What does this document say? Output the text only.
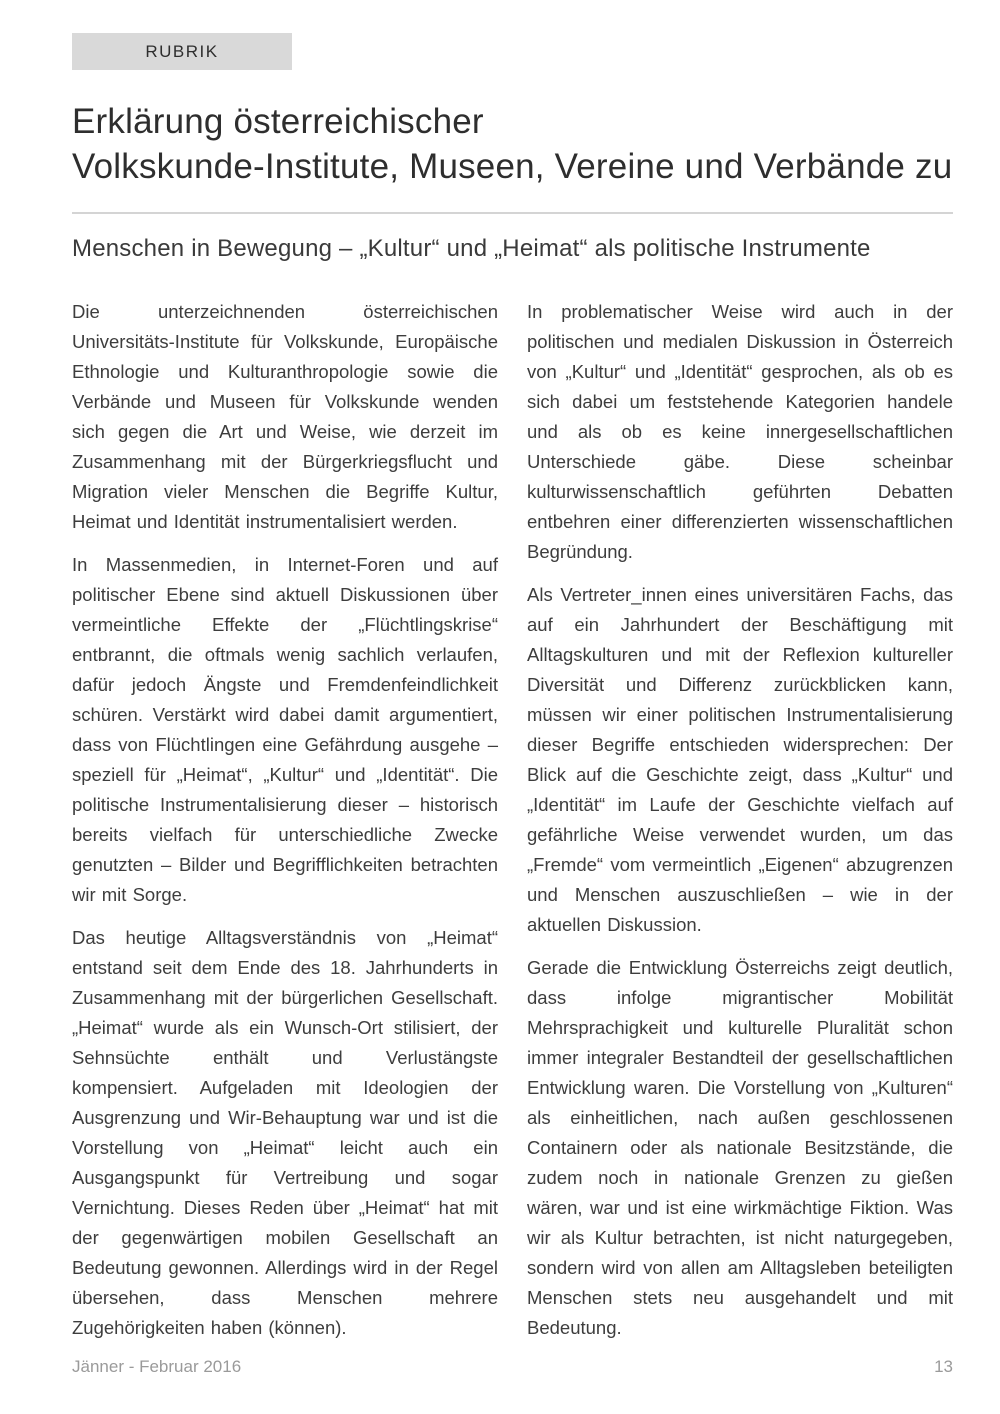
RUBRIK
Erklärung österreichischer
Volkskunde-Institute, Museen, Vereine und Verbände zu
Menschen in Bewegung – „Kultur“ und „Heimat“ als politische Instrumente

Die unterzeichnenden österreichischen Universitäts-Institute für Volkskunde, Europäische Ethnologie und Kulturanthropologie sowie die Verbände und Museen für Volkskunde wenden sich gegen die Art und Weise, wie derzeit im Zusammenhang mit der Bürgerkriegsflucht und Migration vieler Menschen die Begriffe Kultur, Heimat und Identität instrumentalisiert werden.

In Massenmedien, in Internet-Foren und auf politischer Ebene sind aktuell Diskussionen über vermeintliche Effekte der „Flüchtlingskrise“ entbrannt, die oftmals wenig sachlich verlaufen, dafür jedoch Ängste und Fremdenfeindlichkeit schüren. Verstärkt wird dabei damit argumentiert, dass von Flüchtlingen eine Gefährdung ausgehe – speziell für „Heimat“, „Kultur“ und „Identität“. Die politische Instrumentalisierung dieser – historisch bereits vielfach für unterschiedliche Zwecke genutzten – Bilder und Begrifflichkeiten betrachten wir mit Sorge.

Das heutige Alltagsverständnis von „Heimat“ entstand seit dem Ende des 18. Jahrhunderts in Zusammenhang mit der bürgerlichen Gesellschaft. „Heimat“ wurde als ein Wunsch-Ort stilisiert, der Sehnsüchte enthält und Verlustängste kompensiert. Aufgeladen mit Ideologien der Ausgrenzung und Wir-Behauptung war und ist die Vorstellung von „Heimat“ leicht auch ein Ausgangspunkt für Vertreibung und sogar Vernichtung. Dieses Reden über „Heimat“ hat mit der gegenwärtigen mobilen Gesellschaft an Bedeutung gewonnen. Allerdings wird in der Regel übersehen, dass Menschen mehrere Zugehörigkeiten haben (können).

In problematischer Weise wird auch in der politischen und medialen Diskussion in Österreich von „Kultur“ und „Identität“ gesprochen, als ob es sich dabei um feststehende Kategorien handele und als ob es keine innergesellschaftlichen Unterschiede gäbe. Diese scheinbar kulturwissenschaftlich geführten Debatten entbehren einer differenzierten wissenschaftlichen Begründung.

Als Vertreter_innen eines universitären Fachs, das auf ein Jahrhundert der Beschäftigung mit Alltagskulturen und mit der Reflexion kultureller Diversität und Differenz zurückblicken kann, müssen wir einer politischen Instrumentalisierung dieser Begriffe entschieden widersprechen: Der Blick auf die Geschichte zeigt, dass „Kultur“ und „Identität“ im Laufe der Geschichte vielfach auf gefährliche Weise verwendet wurden, um das „Fremde“ vom vermeintlich „Eigenen“ abzugrenzen und Menschen auszuschließen – wie in der aktuellen Diskussion.

Gerade die Entwicklung Österreichs zeigt deutlich, dass infolge migrantischer Mobilität Mehrsprachigkeit und kulturelle Pluralität schon immer integraler Bestandteil der gesellschaftlichen Entwicklung waren. Die Vorstellung von „Kulturen“ als einheitlichen, nach außen geschlossenen Containern oder als nationale Besitzstände, die zudem noch in nationale Grenzen zu gießen wären, war und ist eine wirkmächtige Fiktion. Was wir als Kultur betrachten, ist nicht naturgegeben, sondern wird von allen am Alltagsleben beteiligten Menschen stets neu ausgehandelt und mit Bedeutung.

Jänner - Februar 2016	13
